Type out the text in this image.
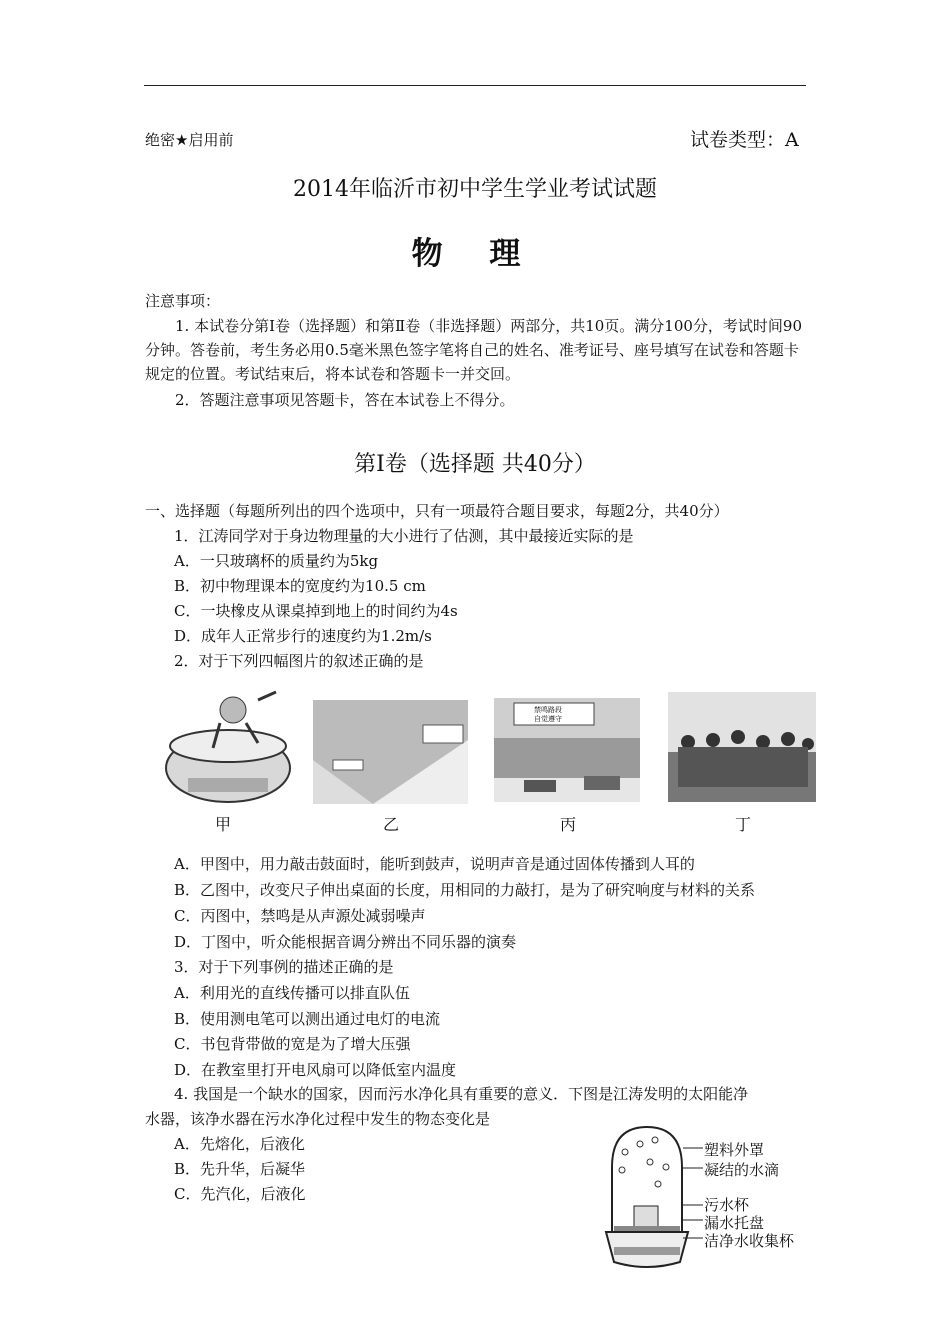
绝密★启用前	试卷类型：A
2014年临沂市初中学生学业考试试题
物 理
注意事项：
1. 本试卷分第Ⅰ卷（选择题）和第Ⅱ卷（非选择题）两部分，共10页。满分100分，考试时间90分钟。答卷前，考生务必用0.5毫米黑色签字笔将自己的姓名、准考证号、座号填写在试卷和答题卡规定的位置。考试结束后，将本试卷和答题卡一并交回。
2．答题注意事项见答题卡，答在本试卷上不得分。
第Ⅰ卷（选择题 共40分）
一、选择题（每题所列出的四个选项中，只有一项最符合题目要求，每题2分，共40分）
1．江涛同学对于身边物理量的大小进行了估测，其中最接近实际的是
A．一只玻璃杯的质量约为5kg
B．初中物理课本的宽度约为10.5 cm
C．一块橡皮从课桌掉到地上的时间约为4s
D．成年人正常步行的速度约为1.2m/s
2．对于下列四幅图片的叙述正确的是
禁鸣路段
自觉遵守
甲	乙	丙	丁
A．甲图中，用力敲击鼓面时，能听到鼓声，说明声音是通过固体传播到人耳的
B．乙图中，改变尺子伸出桌面的长度，用相同的力敲打，是为了研究响度与材料的关系
C．丙图中，禁鸣是从声源处减弱噪声
D．丁图中，听众能根据音调分辨出不同乐器的演奏
3．对于下列事例的描述正确的是
A．利用光的直线传播可以排直队伍
B．使用测电笔可以测出通过电灯的电流
C．书包背带做的宽是为了增大压强
D．在教室里打开电风扇可以降低室内温度
4. 我国是一个缺水的国家，因而污水净化具有重要的意义．下图是江涛发明的太阳能净
水器，该净水器在污水净化过程中发生的物态变化是
A．先熔化，后液化
B．先升华，后凝华
C．先汽化，后液化
塑料外罩
凝结的水滴
污水杯
漏水托盘
洁净水收集杯
